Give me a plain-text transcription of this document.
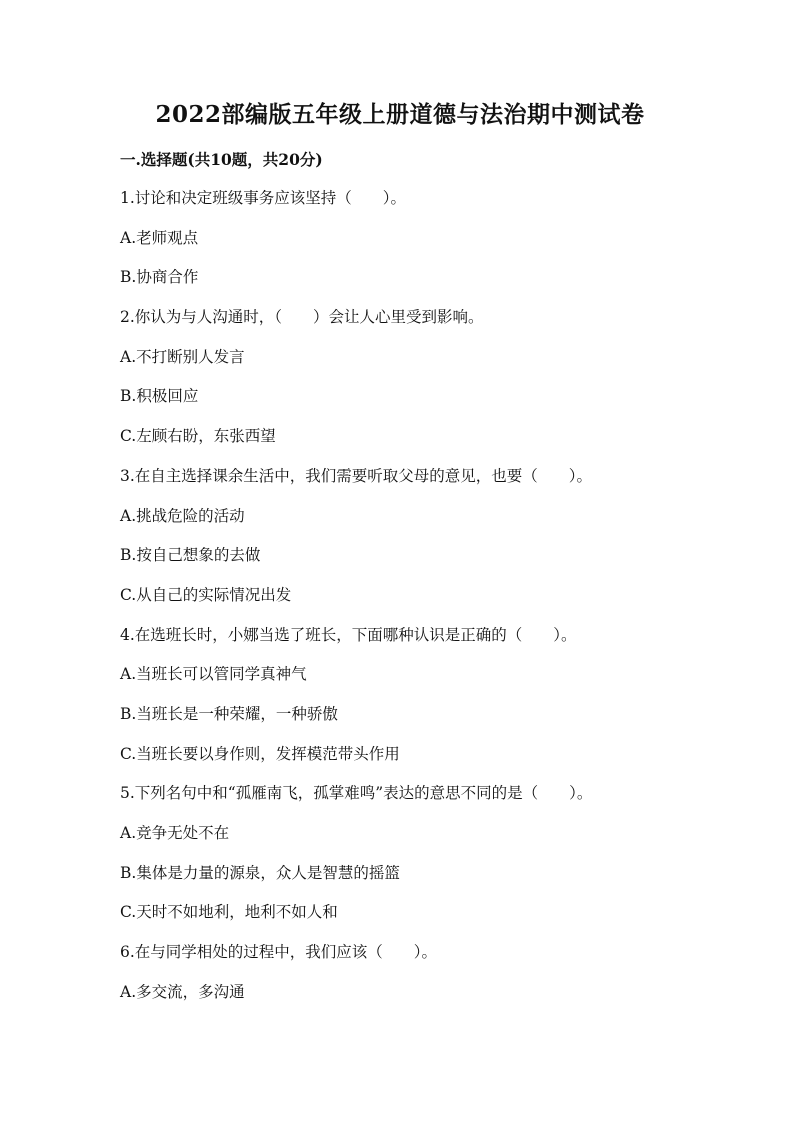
2022部编版五年级上册道德与法治期中测试卷
一.选择题(共10题，共20分)
1.讨论和决定班级事务应该坚持（　　）。
A.老师观点
B.协商合作
2.你认为与人沟通时，（　　）会让人心里受到影响。
A.不打断别人发言
B.积极回应
C.左顾右盼，东张西望
3.在自主选择课余生活中，我们需要听取父母的意见，也要（　　）。
A.挑战危险的活动
B.按自己想象的去做
C.从自己的实际情况出发
4.在选班长时，小娜当选了班长，下面哪种认识是正确的（　　）。
A.当班长可以管同学真神气
B.当班长是一种荣耀，一种骄傲
C.当班长要以身作则，发挥模范带头作用
5.下列名句中和“孤雁南飞，孤掌难鸣”表达的意思不同的是（　　）。
A.竞争无处不在
B.集体是力量的源泉，众人是智慧的摇篮
C.天时不如地利，地利不如人和
6.在与同学相处的过程中，我们应该（　　）。
A.多交流，多沟通
